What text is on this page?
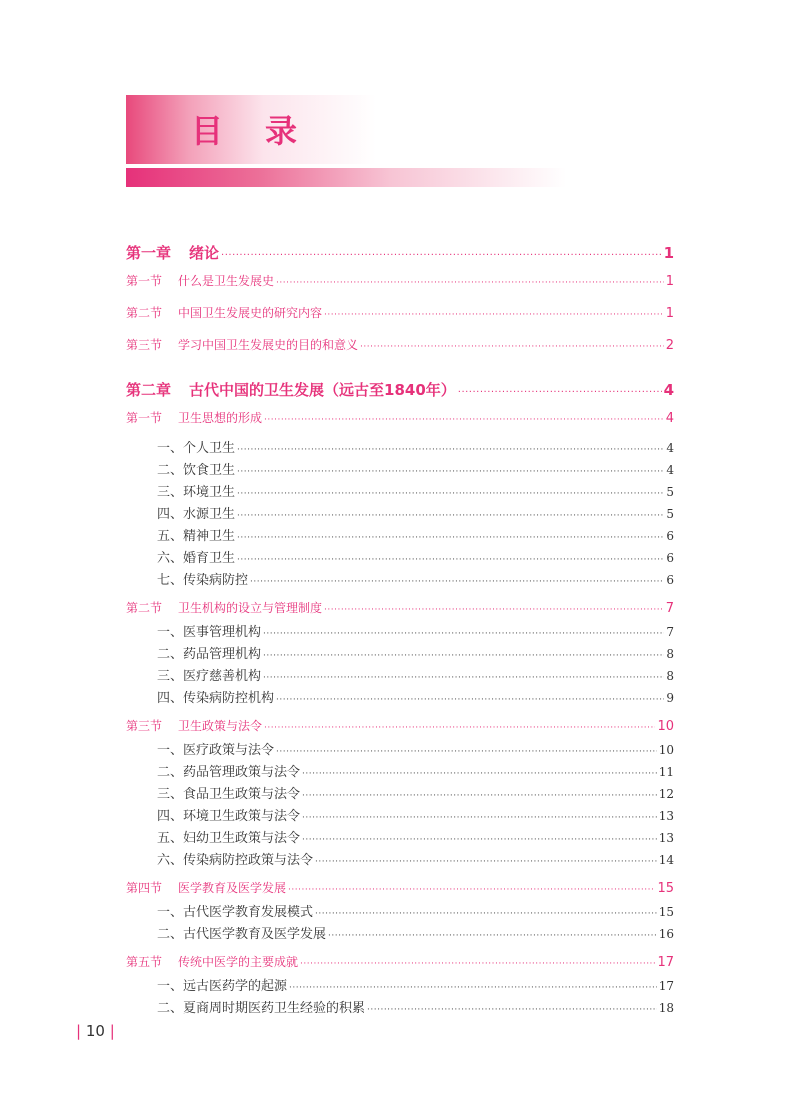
目录
第一章 绪论 ·····	1
第一节 什么是卫生发展史 ·····	1
第二节 中国卫生发展史的研究内容 ·····	1
第三节 学习中国卫生发展史的目的和意义 ·····	2
第二章 古代中国的卫生发展（远古至1840年） ·····	4
第一节 卫生思想的形成 ·····	4
一、个人卫生 ·····	4
二、饮食卫生 ·····	4
三、环境卫生 ·····	5
四、水源卫生 ·····	5
五、精神卫生 ·····	6
六、婚育卫生 ·····	6
七、传染病防控 ·····	6
第二节 卫生机构的设立与管理制度 ·····	7
一、医事管理机构 ·····	7
二、药品管理机构 ·····	8
三、医疗慈善机构 ·····	8
四、传染病防控机构 ·····	9
第三节 卫生政策与法令 ·····	10
一、医疗政策与法令 ·····	10
二、药品管理政策与法令 ·····	11
三、食品卫生政策与法令 ·····	12
四、环境卫生政策与法令 ·····	13
五、妇幼卫生政策与法令 ·····	13
六、传染病防控政策与法令 ·····	14
第四节 医学教育及医学发展 ·····	15
一、古代医学教育发展模式 ·····	15
二、古代医学教育及医学发展 ·····	16
第五节 传统中医学的主要成就 ·····	17
一、远古医药学的起源 ·····	17
二、夏商周时期医药卫生经验的积累 ·····	18
| 10 |
